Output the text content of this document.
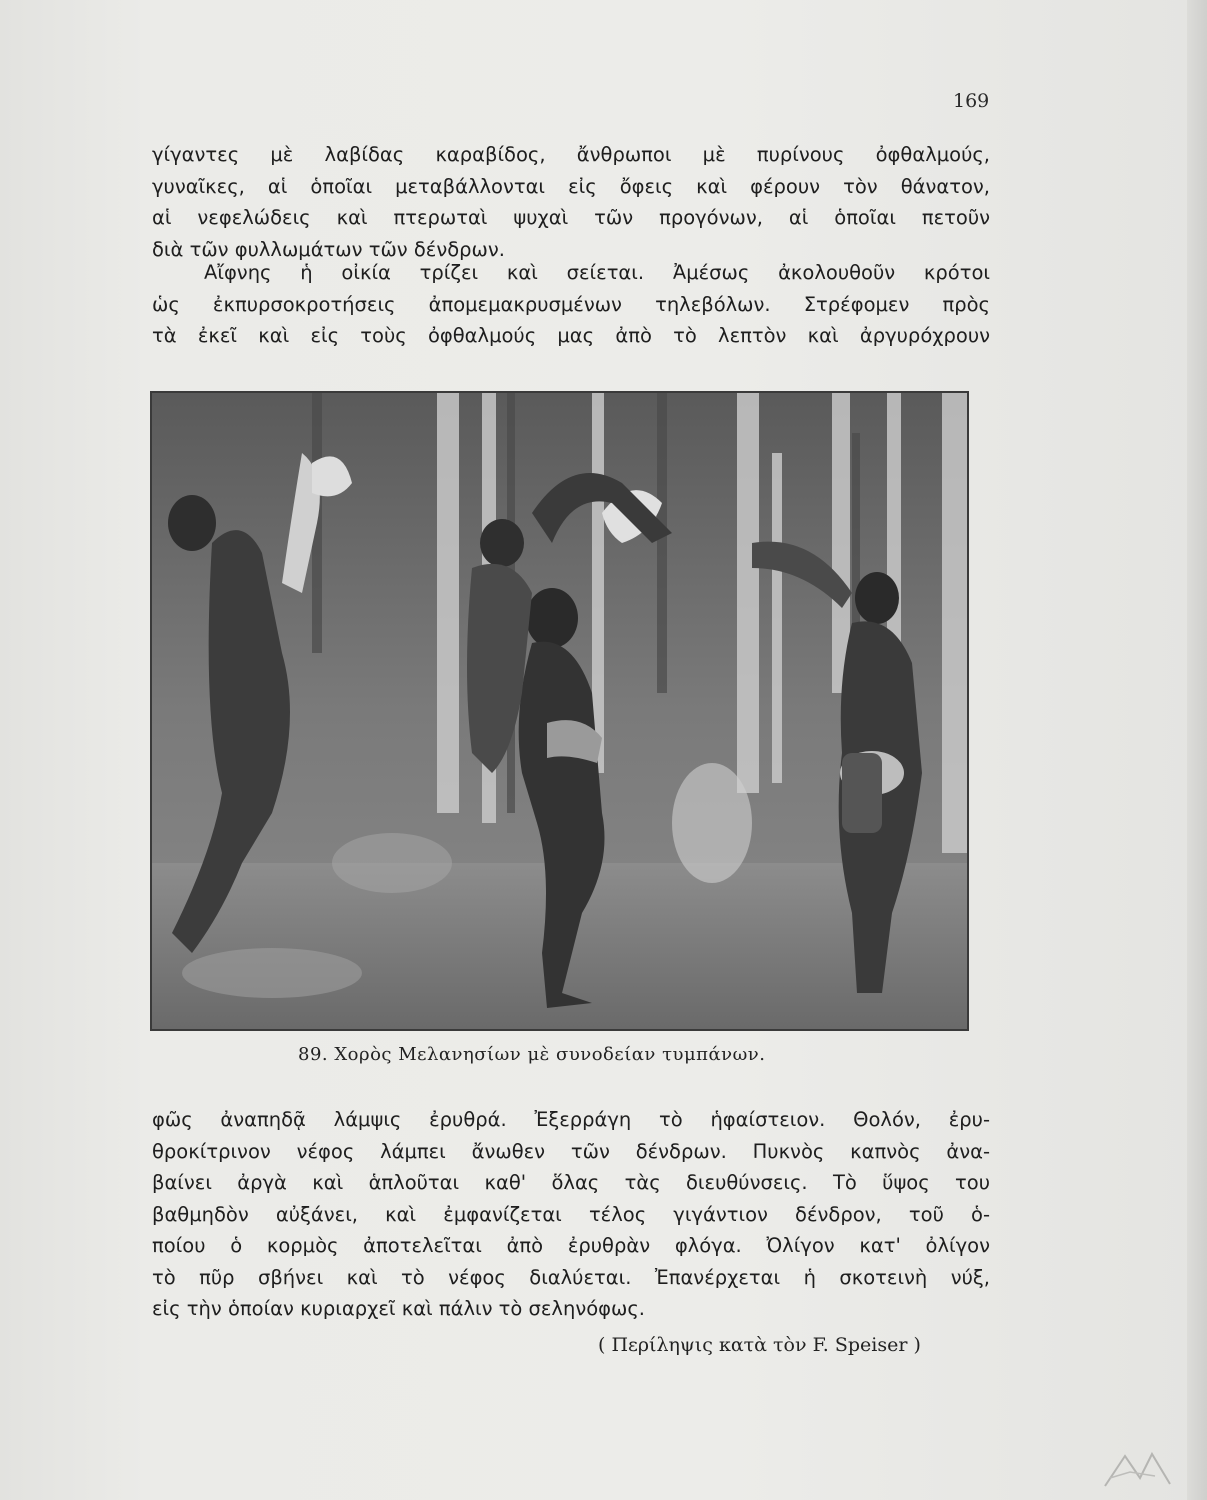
169
γίγαντες μὲ λαβίδας καραβίδος, ἄνθρωποι μὲ πυρίνους ὀφθαλμούς,
γυναῖκες, αἱ ὁποῖαι μεταβάλλονται εἰς ὄφεις καὶ φέρουν τὸν θάνατον,
αἱ νεφελώδεις καὶ πτερωταὶ ψυχαὶ τῶν προγόνων, αἱ ὁποῖαι πετοῦν
διὰ τῶν φυλλωμάτων τῶν δένδρων.
Αἴφνης ἡ οἰκία τρίζει καὶ σείεται. Ἀμέσως ἀκολουθοῦν κρότοι
ὡς ἐκπυρσοκροτήσεις ἀπομεμακρυσμένων τηλεβόλων. Στρέφομεν πρὸς
τὰ ἐκεῖ καὶ εἰς τοὺς ὀφθαλμούς μας ἀπὸ τὸ λεπτὸν καὶ ἀργυρόχρουν
89. Χορὸς Μελανησίων μὲ συνοδείαν τυμπάνων.
φῶς ἀναπηδᾷ λάμψις ἐρυθρά. Ἐξερράγη τὸ ἡφαίστειον. Θολόν, ἐρυ-
θροκίτρινον νέφος λάμπει ἄνωθεν τῶν δένδρων. Πυκνὸς καπνὸς ἀνα-
βαίνει ἀργὰ καὶ ἁπλοῦται καθ' ὅλας τὰς διευθύνσεις. Τὸ ὕψος του
βαθμηδὸν αὐξάνει, καὶ ἐμφανίζεται τέλος γιγάντιον δένδρον, τοῦ ὁ-
ποίου ὁ κορμὸς ἀποτελεῖται ἀπὸ ἐρυθρὰν φλόγα. Ὀλίγον κατ' ὀλίγον
τὸ πῦρ σβήνει καὶ τὸ νέφος διαλύεται. Ἐπανέρχεται ἡ σκοτεινὴ νύξ,
εἰς τὴν ὁποίαν κυριαρχεῖ καὶ πάλιν τὸ σεληνόφως.
( Περίληψις κατὰ τὸν F. Speiser )
